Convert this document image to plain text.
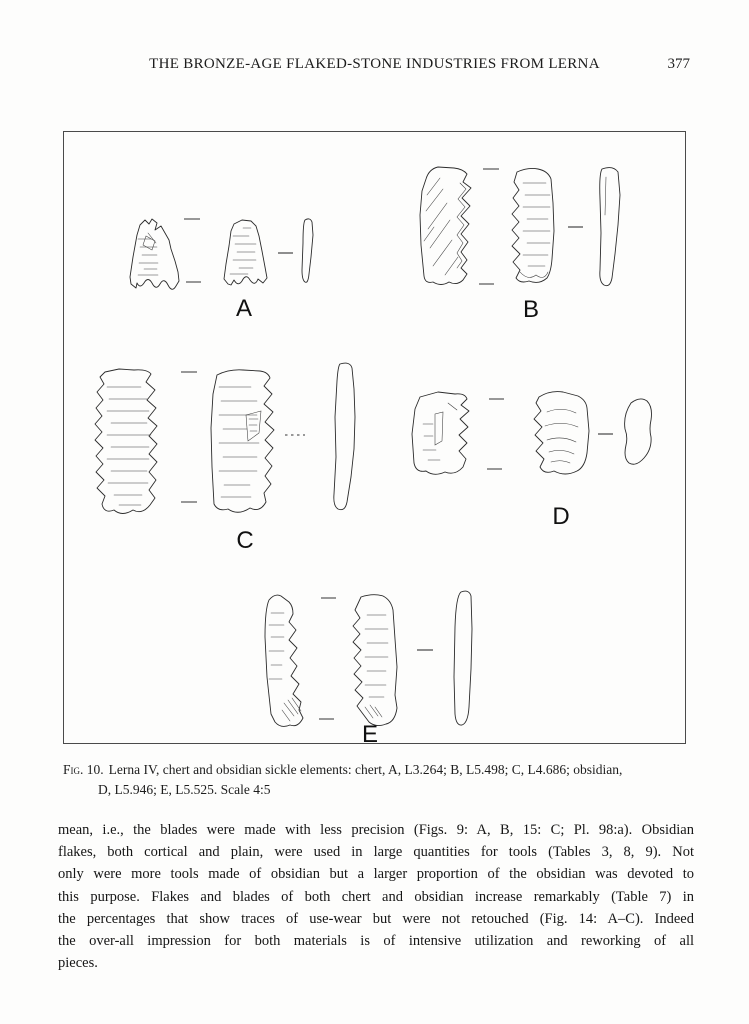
THE BRONZE-AGE FLAKED-STONE INDUSTRIES FROM LERNA	377
A	B
C
D
E
Fig. 10. Lerna IV, chert and obsidian sickle elements: chert, A, L3.264; B, L5.498; C, L4.686; obsidian,
D, L5.946; E, L5.525. Scale 4:5
mean, i.e., the blades were made with less precision (Figs. 9: A, B, 15: C; Pl. 98:a). Obsidian
flakes, both cortical and plain, were used in large quantities for tools (Tables 3, 8, 9). Not
only were more tools made of obsidian but a larger proportion of the obsidian was devoted to
this purpose. Flakes and blades of both chert and obsidian increase remarkably (Table 7) in
the percentages that show traces of use-wear but were not retouched (Fig. 14: A–C). Indeed
the over-all impression for both materials is of intensive utilization and reworking of all
pieces.
